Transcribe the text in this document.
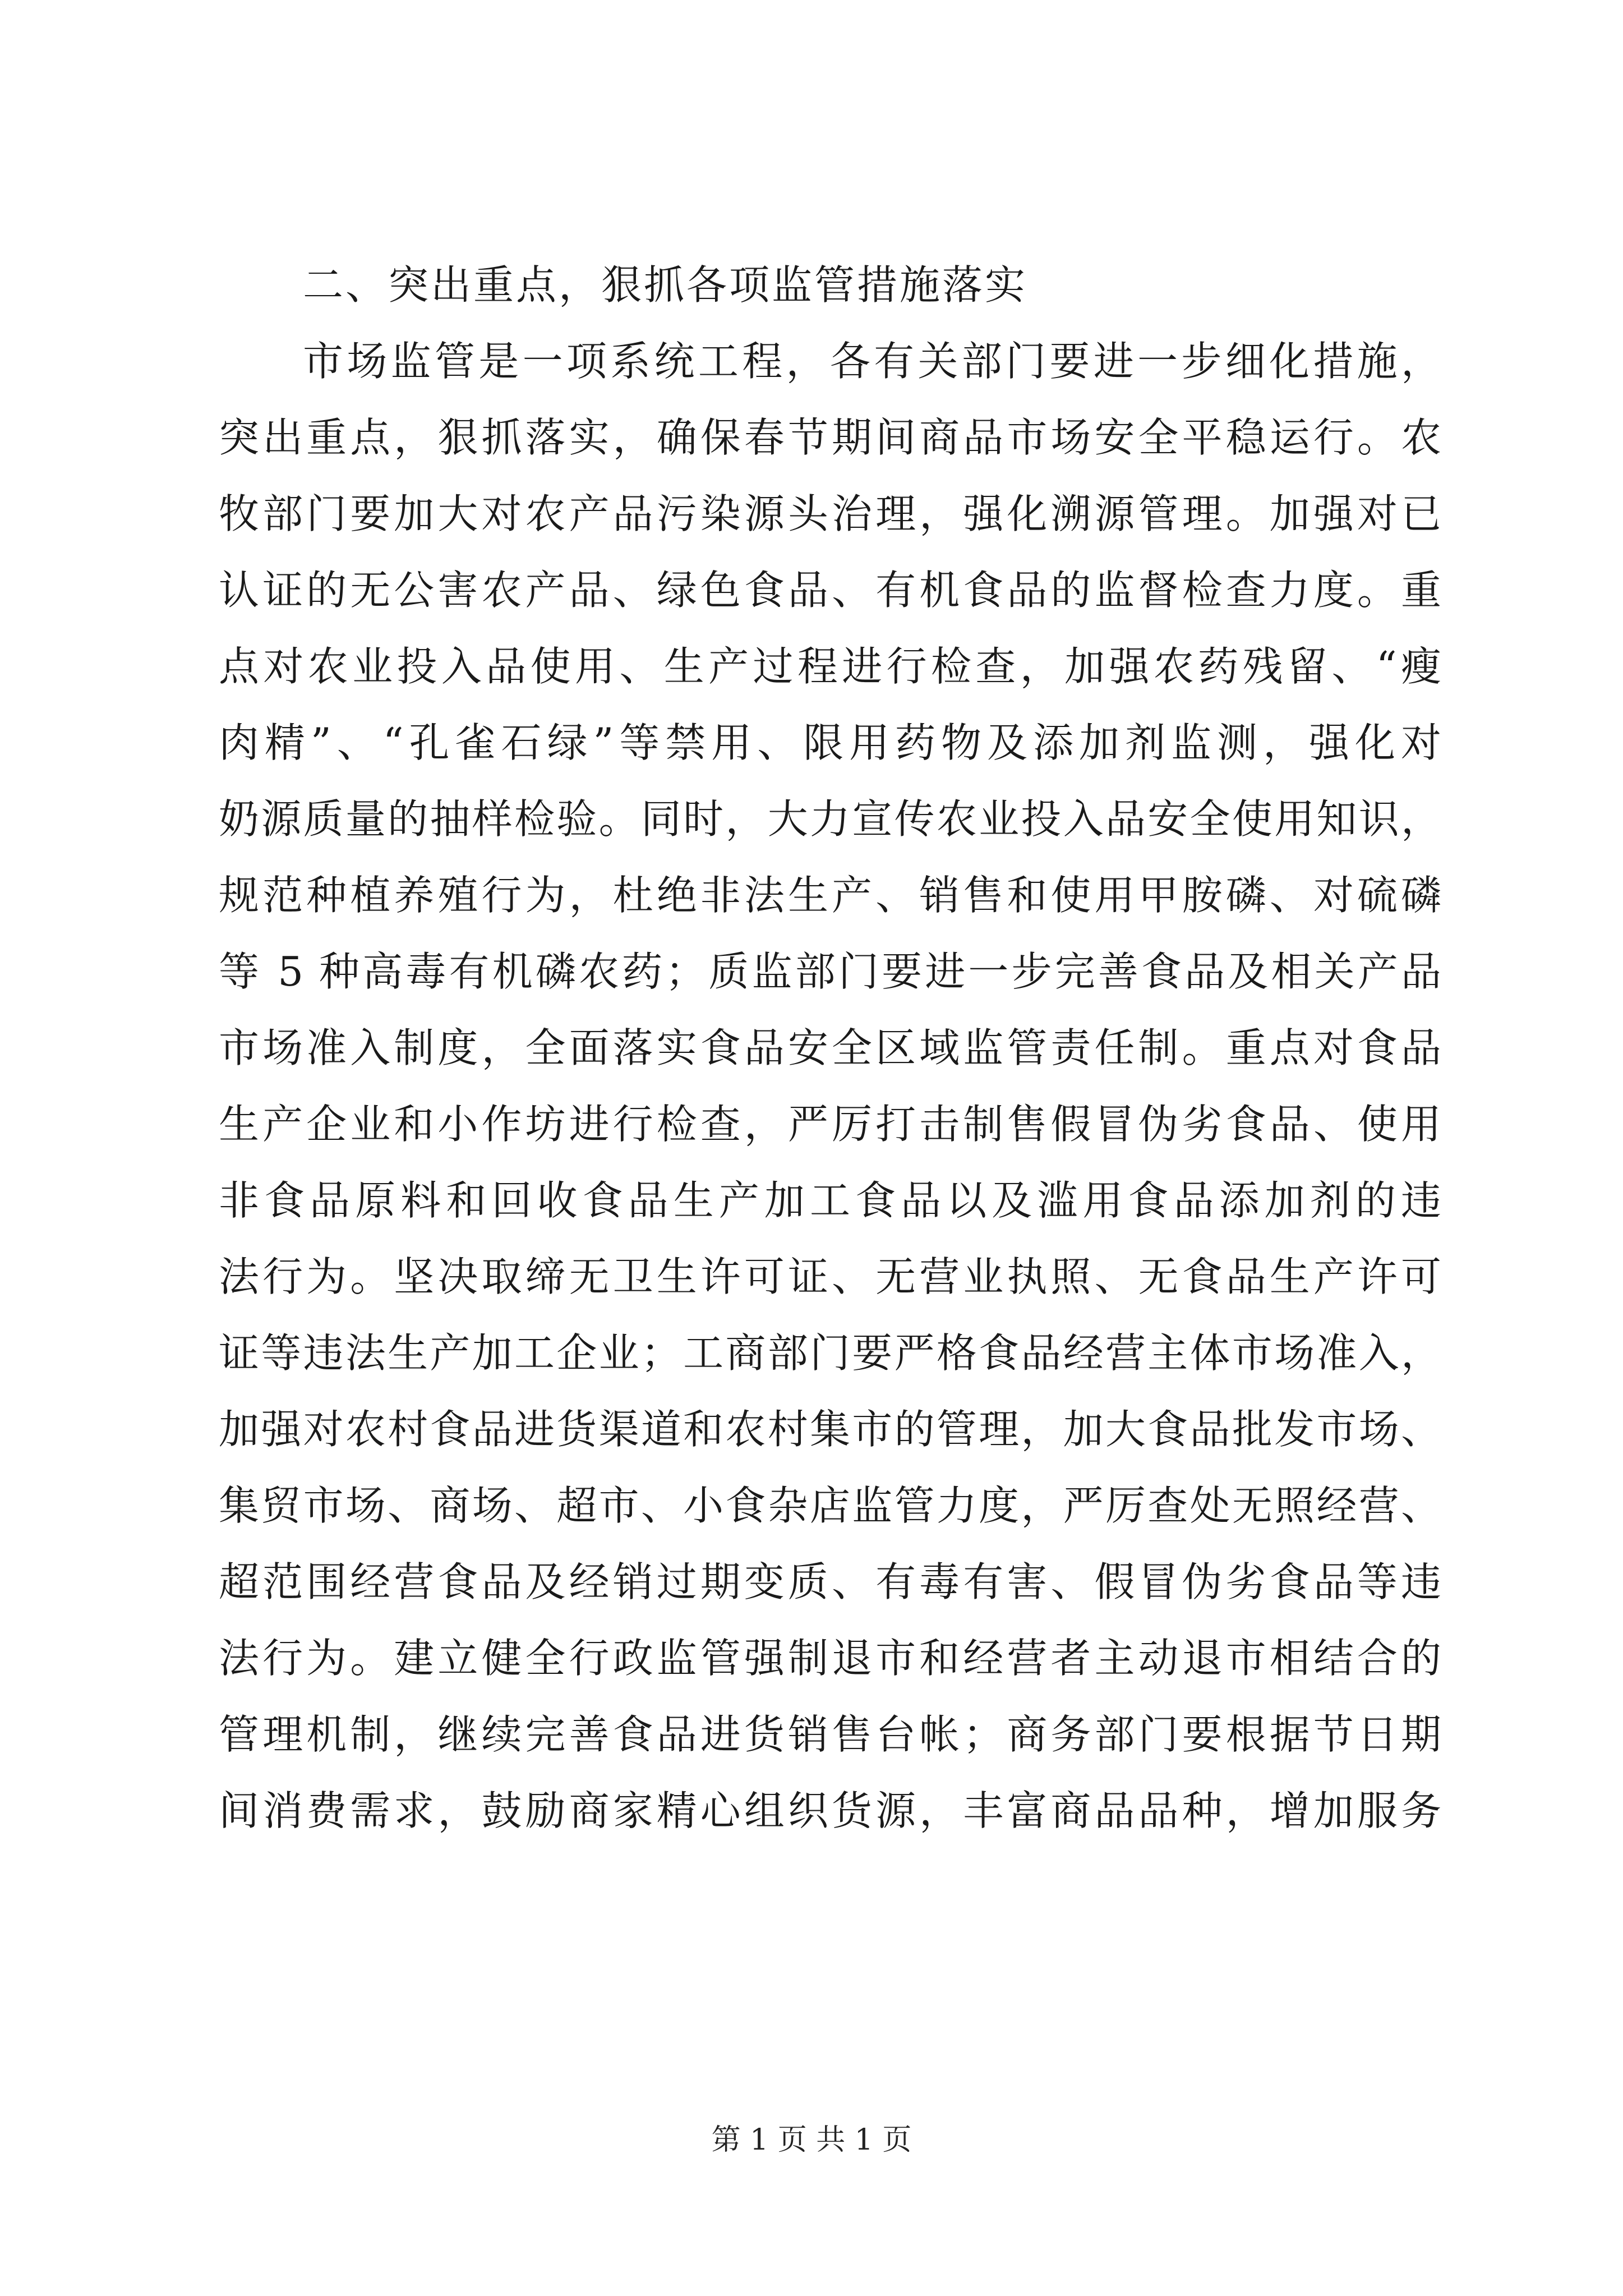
二、突出重点，狠抓各项监管措施落实

市场监管是一项系统工程，各有关部门要进一步细化措施，
突出重点，狠抓落实，确保春节期间商品市场安全平稳运行。农
牧部门要加大对农产品污染源头治理，强化溯源管理。加强对已
认证的无公害农产品、绿色食品、有机食品的监督检查力度。重
点对农业投入品使用、生产过程进行检查，加强农药残留、“瘦
肉精”、“孔雀石绿”等禁用、限用药物及添加剂监测，强化对
奶源质量的抽样检验。同时，大力宣传农业投入品安全使用知识，
规范种植养殖行为，杜绝非法生产、销售和使用甲胺磷、对硫磷
等 5 种高毒有机磷农药；质监部门要进一步完善食品及相关产品
市场准入制度，全面落实食品安全区域监管责任制。重点对食品
生产企业和小作坊进行检查，严厉打击制售假冒伪劣食品、使用
非食品原料和回收食品生产加工食品以及滥用食品添加剂的违
法行为。坚决取缔无卫生许可证、无营业执照、无食品生产许可
证等违法生产加工企业；工商部门要严格食品经营主体市场准入，
加强对农村食品进货渠道和农村集市的管理，加大食品批发市场、
集贸市场、商场、超市、小食杂店监管力度，严厉查处无照经营、
超范围经营食品及经销过期变质、有毒有害、假冒伪劣食品等违
法行为。建立健全行政监管强制退市和经营者主动退市相结合的
管理机制，继续完善食品进货销售台帐；商务部门要根据节日期
间消费需求，鼓励商家精心组织货源，丰富商品品种，增加服务

第 1 页 共 1 页
